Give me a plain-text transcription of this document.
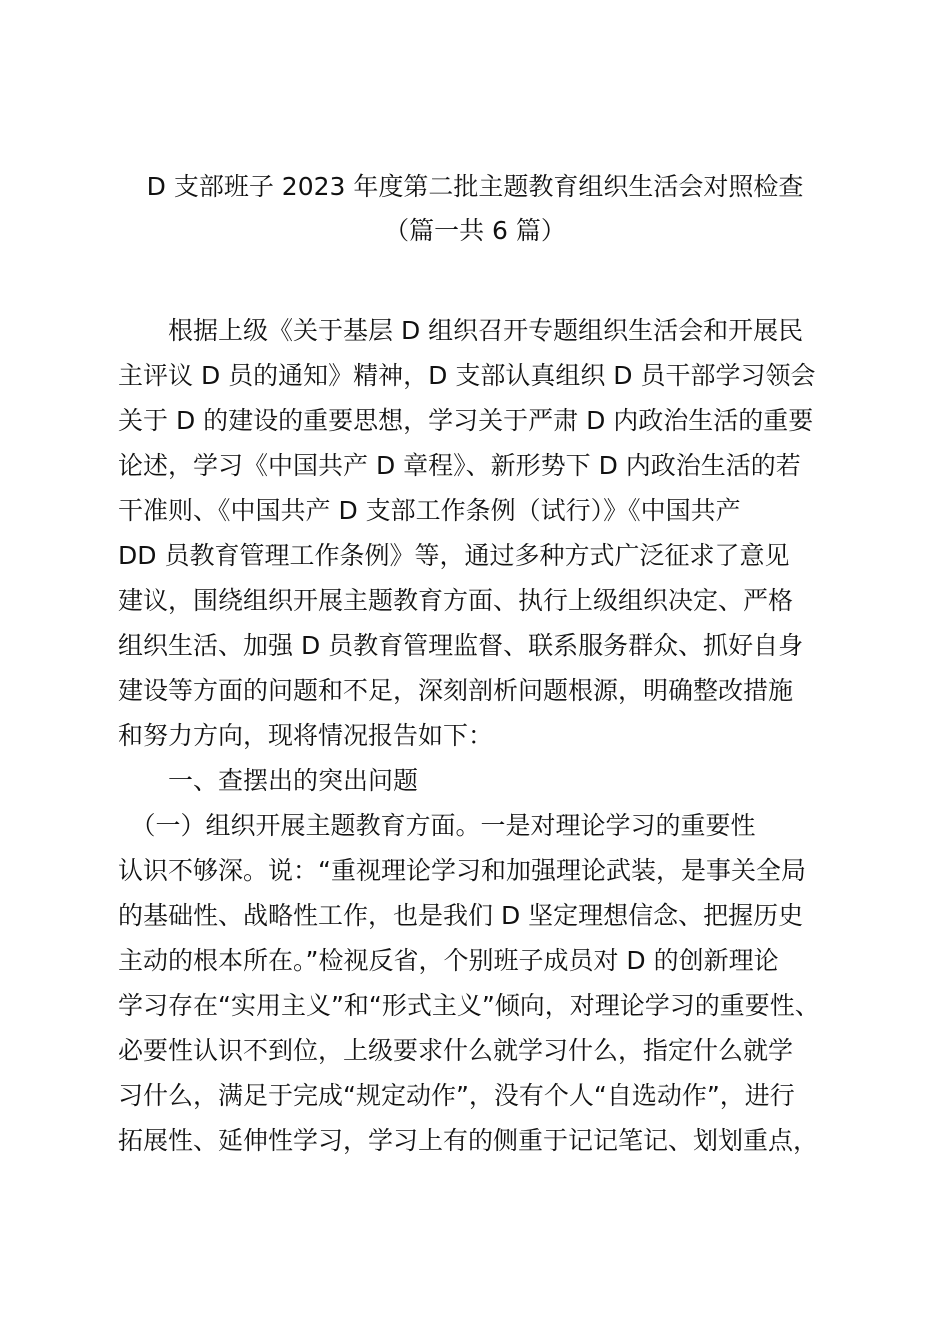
D 支部班子 2023 年度第二批主题教育组织生活会对照检查
（篇一共 6 篇）
　　根据上级《关于基层 D 组织召开专题组织生活会和开展民
主评议 D 员的通知》精神，D 支部认真组织 D 员干部学习领会
关于 D 的建设的重要思想，学习关于严肃 D 内政治生活的重要
论述，学习《中国共产 D 章程》、新形势下 D 内政治生活的若
干准则、《中国共产 D 支部工作条例（试行）》《中国共产
DD 员教育管理工作条例》等，通过多种方式广泛征求了意见
建议，围绕组织开展主题教育方面、执行上级组织决定、严格
组织生活、加强 D 员教育管理监督、联系服务群众、抓好自身
建设等方面的问题和不足，深刻剖析问题根源，明确整改措施
和努力方向，现将情况报告如下：
　　一、查摆出的突出问题
　（一）组织开展主题教育方面。一是对理论学习的重要性
认识不够深。说：“重视理论学习和加强理论武装，是事关全局
的基础性、战略性工作，也是我们 D 坚定理想信念、把握历史
主动的根本所在。”检视反省，个别班子成员对 D 的创新理论
学习存在“实用主义”和“形式主义”倾向，对理论学习的重要性、
必要性认识不到位，上级要求什么就学习什么，指定什么就学
习什么，满足于完成“规定动作”，没有个人“自选动作”，进行
拓展性、延伸性学习，学习上有的侧重于记记笔记、划划重点，
